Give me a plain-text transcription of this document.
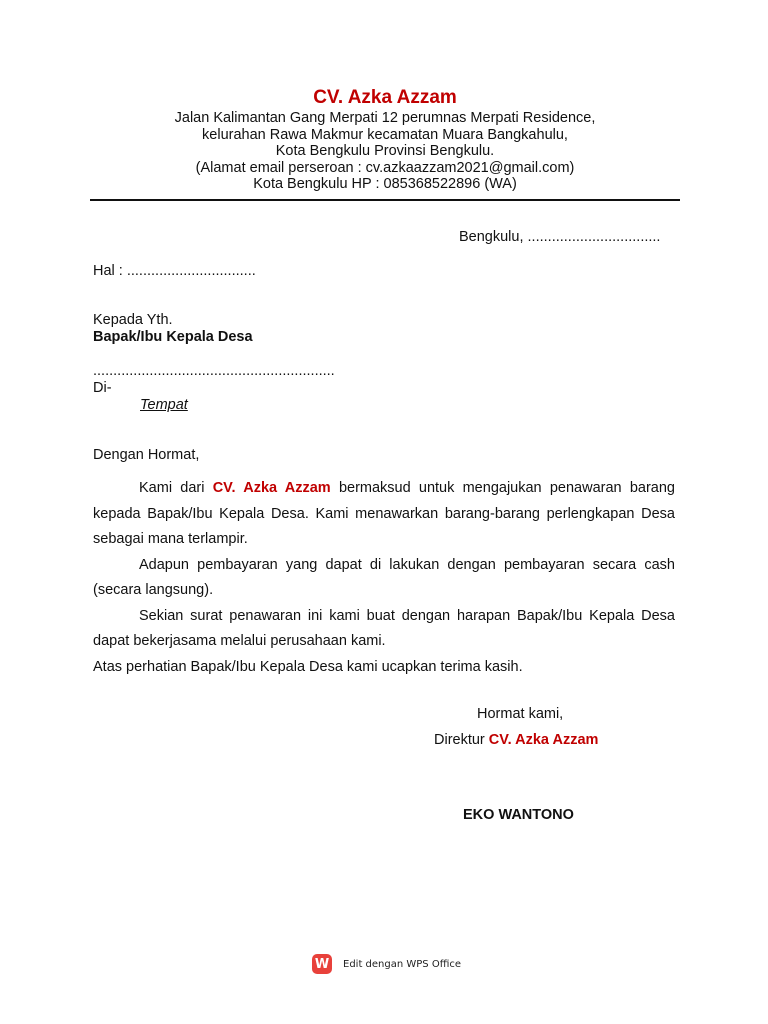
CV. Azka Azzam
Jalan Kalimantan Gang Merpati 12 perumnas Merpati Residence,
kelurahan Rawa Makmur kecamatan Muara Bangkahulu,
Kota Bengkulu Provinsi Bengkulu.
(Alamat email perseroan : cv.azkaazzam2021@gmail.com)
Kota Bengkulu HP : 085368522896 (WA)
Bengkulu, .................................
Hal : ................................
Kepada Yth.
Bapak/Ibu Kepala Desa
............................................................
Di-
Tempat
Dengan Hormat,

Kami dari CV. Azka Azzam bermaksud untuk mengajukan penawaran barang kepada Bapak/Ibu Kepala Desa. Kami menawarkan barang-barang perlengkapan Desa sebagai mana terlampir.

Adapun pembayaran yang dapat di lakukan dengan pembayaran secara cash (secara langsung).

Sekian surat penawaran ini kami buat dengan harapan Bapak/Ibu Kepala Desa dapat bekerjasama melalui perusahaan kami.

Atas perhatian Bapak/Ibu Kepala Desa kami ucapkan terima kasih.

Hormat kami,
Direktur CV. Azka Azzam
EKO WANTONO
W Edit dengan WPS Office
